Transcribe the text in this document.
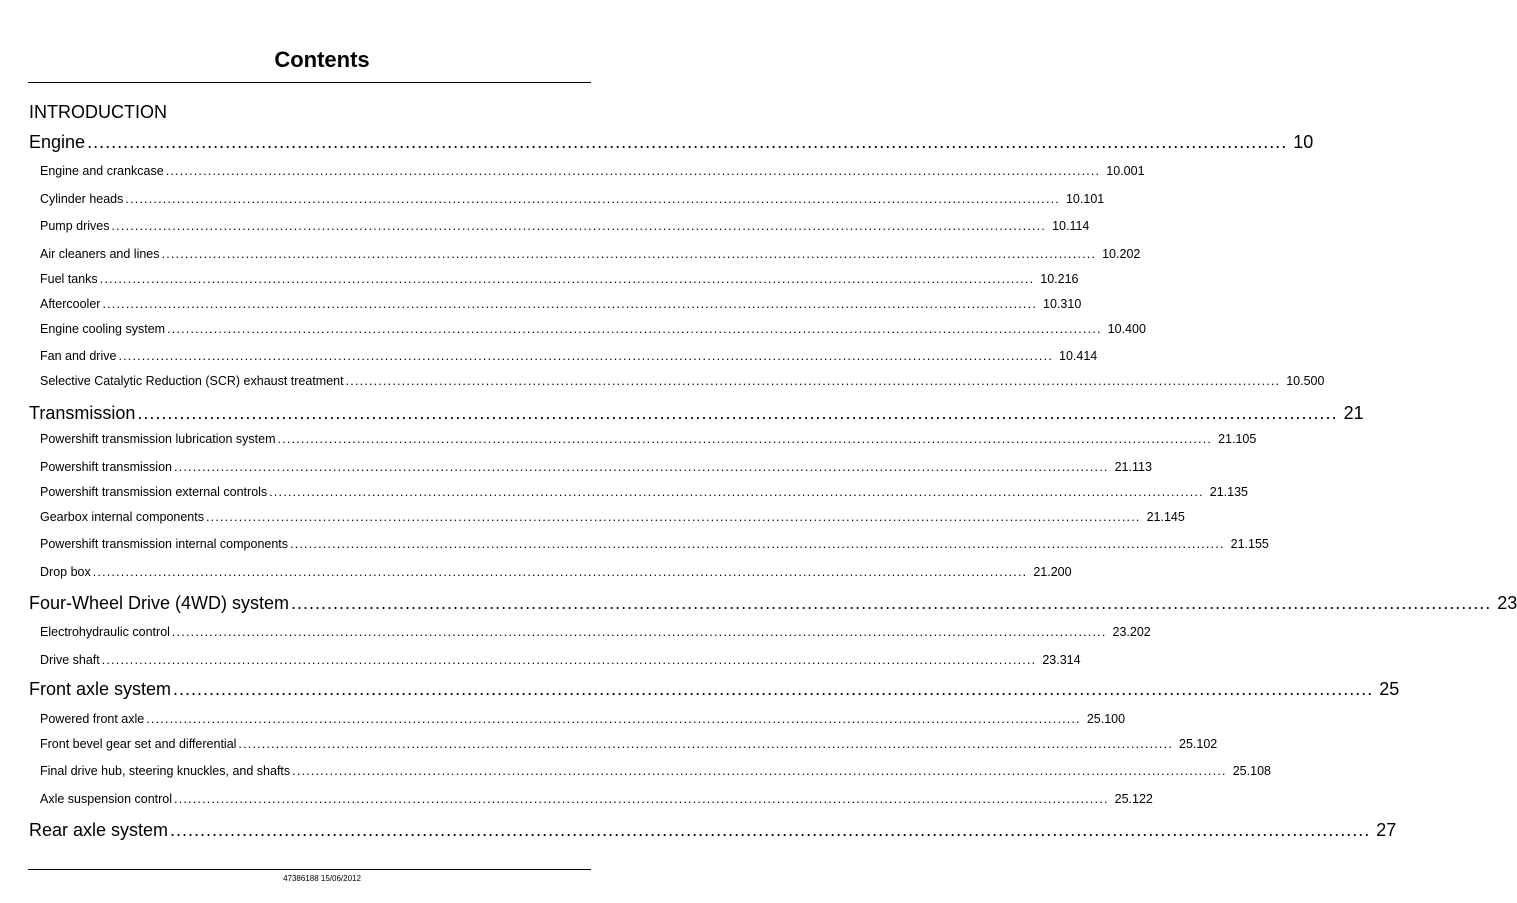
Contents
INTRODUCTION
Engine ........................................................................................................................................................................................................ 10
Engine and crankcase ........................................................................................................................................................................................................ 10.001
Cylinder heads ........................................................................................................................................................................................................ 10.101
Pump drives ........................................................................................................................................................................................................ 10.114
Air cleaners and lines ........................................................................................................................................................................................................ 10.202
Fuel tanks ........................................................................................................................................................................................................ 10.216
Aftercooler ........................................................................................................................................................................................................ 10.310
Engine cooling system ........................................................................................................................................................................................................ 10.400
Fan and drive ........................................................................................................................................................................................................ 10.414
Selective Catalytic Reduction (SCR) exhaust treatment ........................................................................................................................................................................................................ 10.500
Transmission ........................................................................................................................................................................................................ 21
Powershift transmission lubrication system ........................................................................................................................................................................................................ 21.105
Powershift transmission ........................................................................................................................................................................................................ 21.113
Powershift transmission external controls ........................................................................................................................................................................................................ 21.135
Gearbox internal components ........................................................................................................................................................................................................ 21.145
Powershift transmission internal components ........................................................................................................................................................................................................ 21.155
Drop box ........................................................................................................................................................................................................ 21.200
Four-Wheel Drive (4WD) system ........................................................................................................................................................................................................ 23
Electrohydraulic control ........................................................................................................................................................................................................ 23.202
Drive shaft ........................................................................................................................................................................................................ 23.314
Front axle system ........................................................................................................................................................................................................ 25
Powered front axle ........................................................................................................................................................................................................ 25.100
Front bevel gear set and differential ........................................................................................................................................................................................................ 25.102
Final drive hub, steering knuckles, and shafts ........................................................................................................................................................................................................ 25.108
Axle suspension control ........................................................................................................................................................................................................ 25.122
Rear axle system ........................................................................................................................................................................................................ 27
47386188 15/06/2012
